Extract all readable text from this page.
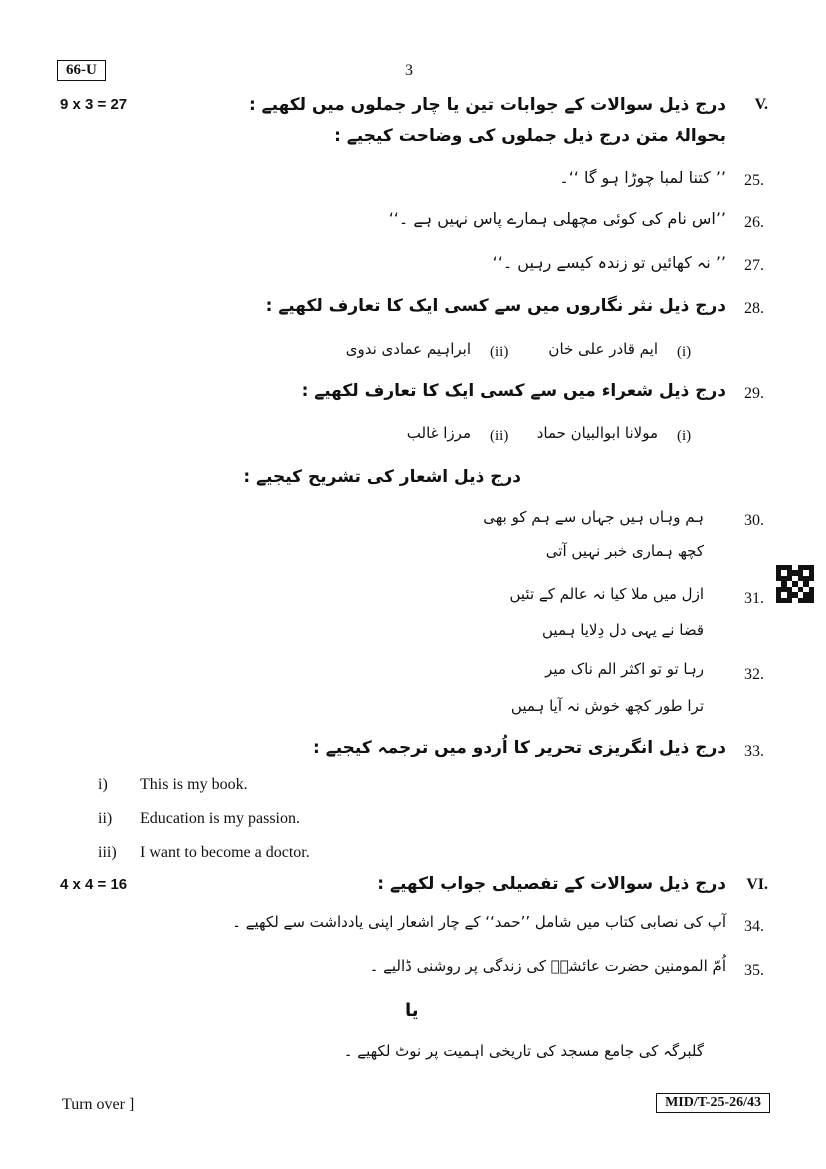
66-U	3
9 x 3 = 27	V.
درج ذیل سوالات کے جوابات تین یا چار جملوں میں لکھیے :
بحوالۂ متن درج ذیل جملوں کی وضاحت کیجیے :
25.
’’ کتنا لمبا چوڑا ہو گا ‘‘۔
26.
’’اس نام کی کوئی مچھلی ہمارے پاس نہیں ہے ۔‘‘
27.
’’ نہ کھائیں تو زندہ کیسے رہیں ۔‘‘
28.
درج ذیل نثر نگاروں میں سے کسی ایک کا تعارف لکھیے :
(i)
ایم قادر علی خان
(ii)
ابراہیم عمادی ندوی
29.
درج ذیل شعراء میں سے کسی ایک کا تعارف لکھیے :
(i)
مولانا ابوالبیان حماد
(ii)
مرزا غالب
درج ذیل اشعار کی تشریح کیجیے :
30.
ہم وہاں ہیں جہاں سے ہم کو بھی
کچھ ہماری خبر نہیں آتی
31.
ازل میں ملا کیا نہ عالم کے تئیں
قضا نے یہی دل دِلایا ہمیں
32.
رہا تو تو اکثر الم ناک میر
ترا طور کچھ خوش نہ آیا ہمیں
33.
درج ذیل انگریزی تحریر کا اُردو میں ترجمہ کیجیے :
i) This is my book.
ii) Education is my passion.
iii) I want to become a doctor.
4 x 4 = 16	VI.
درج ذیل سوالات کے تفصیلی جواب لکھیے :
34.
آپ کی نصابی کتاب میں شامل ’’حمد‘‘ کے چار اشعار اپنی یادداشت سے لکھیے ۔
35.
اُمّ المومنین حضرت عائشہؓ کی زندگی پر روشنی ڈالیے ۔
یا
گلبرگہ کی جامع مسجد کی تاریخی اہمیت پر نوٹ لکھیے ۔
Turn over ]	MID/T-25-26/43
